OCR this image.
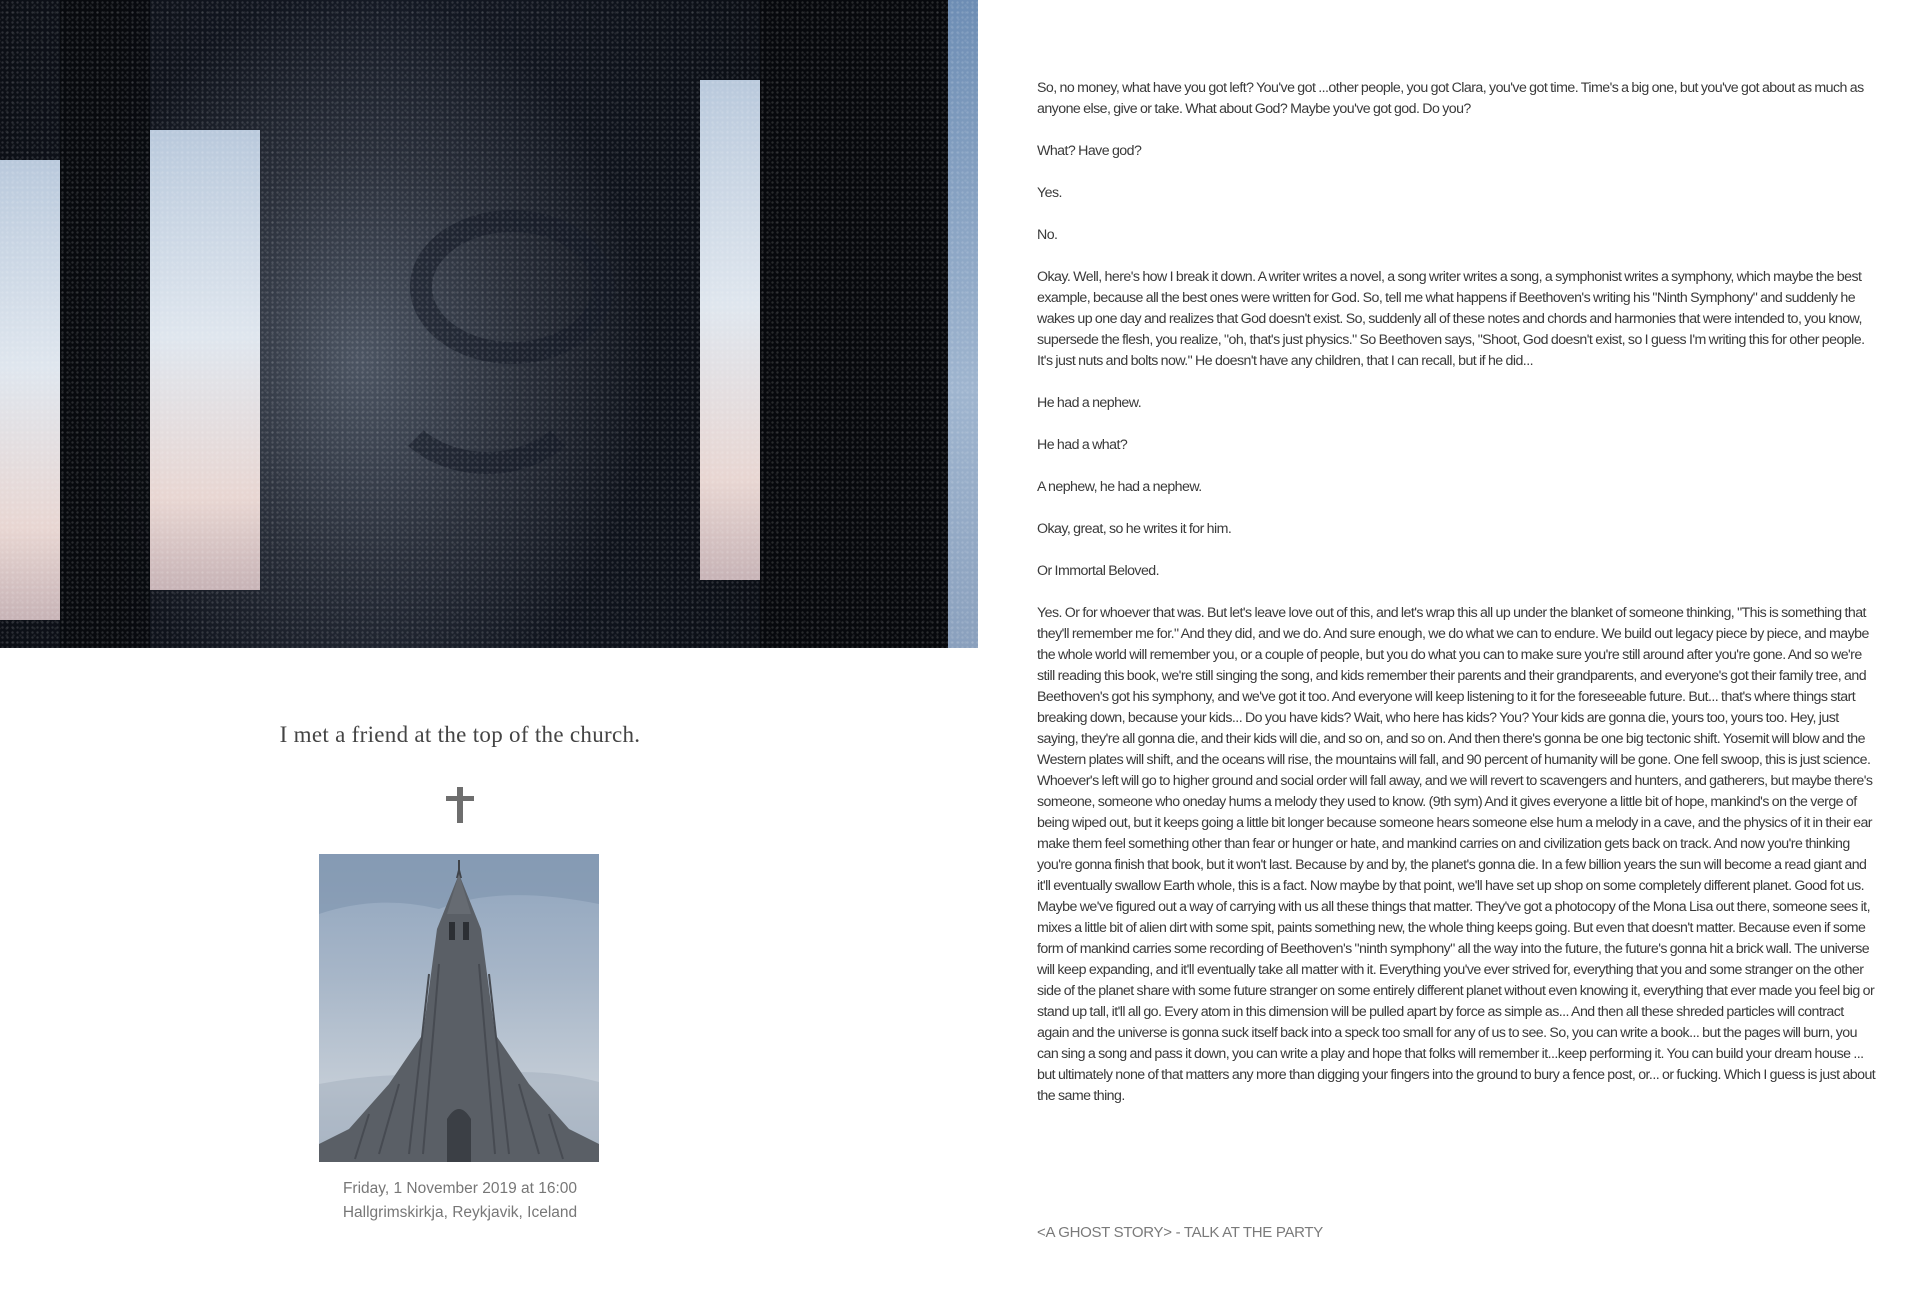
I met a friend at the top of the church.
Friday, 1 November 2019 at 16:00
Hallgrimskirkja, Reykjavik, Iceland

So, no money, what have you got left? You've got ...other people, you got Clara, you've got time. Time's a big one, but you've got about as much as anyone else, give or take. What about God? Maybe you've got god. Do you?

What? Have god?

Yes.

No.

Okay. Well, here's how I break it down. A writer writes a novel, a song writer writes a song, a symphonist writes a symphony, which maybe the best example, because all the best ones were written for God. So, tell me what happens if Beethoven's writing his "Ninth Symphony" and suddenly he wakes up one day and realizes that God doesn't exist. So, suddenly all of these notes and chords and harmonies that were intended to, you know, supersede the flesh, you realize, "oh, that's just physics." So Beethoven says, "Shoot, God doesn't exist, so I guess I'm writing this for other people. It's just nuts and bolts now." He doesn't have any children, that I can recall, but if he did...

He had a nephew.

He had a what?

A nephew, he had a nephew.

Okay, great, so he writes it for him.

Or Immortal Beloved.

Yes. Or for whoever that was. But let's leave love out of this, and let's wrap this all up under the blanket of someone thinking, "This is something that they'll remember me for." And they did, and we do. And sure enough, we do what we can to endure. We build out legacy piece by piece, and maybe the whole world will remember you, or a couple of people, but you do what you can to make sure you're still around after you're gone. And so we're still reading this book, we're still singing the song, and kids remember their parents and their grandparents, and everyone's got their family tree, and Beethoven's got his symphony, and we've got it too. And everyone will keep listening to it for the foreseeable future. But... that's where things start breaking down, because your kids... Do you have kids? Wait, who here has kids? You? Your kids are gonna die, yours too, yours too. Hey, just saying, they're all gonna die, and their kids will die, and so on, and so on. And then there's gonna be one big tectonic shift. Yosemit will blow and the Western plates will shift, and the oceans will rise, the mountains will fall, and 90 percent of humanity will be gone. One fell swoop, this is just science. Whoever's left will go to higher ground and social order will fall away, and we will revert to scavengers and hunters, and gatherers, but maybe there's someone, someone who oneday hums a melody they used to know. (9th sym) And it gives everyone a little bit of hope, mankind's on the verge of being wiped out, but it keeps going a little bit longer because someone hears someone else hum a melody in a cave, and the physics of it in their ear make them feel something other than fear or hunger or hate, and mankind carries on and civilization gets back on track. And now you're thinking you're gonna finish that book, but it won't last. Because by and by, the planet's gonna die. In a few billion years the sun will become a read giant and it'll eventually swallow Earth whole, this is a fact. Now maybe by that point, we'll have set up shop on some completely different planet. Good fot us. Maybe we've figured out a way of carrying with us all these things that matter. They've got a photocopy of the Mona Lisa out there, someone sees it, mixes a little bit of alien dirt with some spit, paints something new, the whole thing keeps going. But even that doesn't matter. Because even if some form of mankind carries some recording of Beethoven's "ninth symphony" all the way into the future, the future's gonna hit a brick wall. The universe will keep expanding, and it'll eventually take all matter with it. Everything you've ever strived for, everything that you and some stranger on the other side of the planet share with some future stranger on some entirely different planet without even knowing it, everything that ever made you feel big or stand up tall, it'll all go. Every atom in this dimension will be pulled apart by force as simple as... And then all these shreded particles will contract again and the universe is gonna suck itself back into a speck too small for any of us to see. So, you can write a book... but the pages will burn, you can sing a song and pass it down, you can write a play and hope that folks will remember it...keep performing it. You can build your dream house ... but ultimately none of that matters any more than digging your fingers into the ground to bury a fence post, or... or fucking. Which I guess is just about the same thing.

<A GHOST STORY> - TALK AT THE PARTY
